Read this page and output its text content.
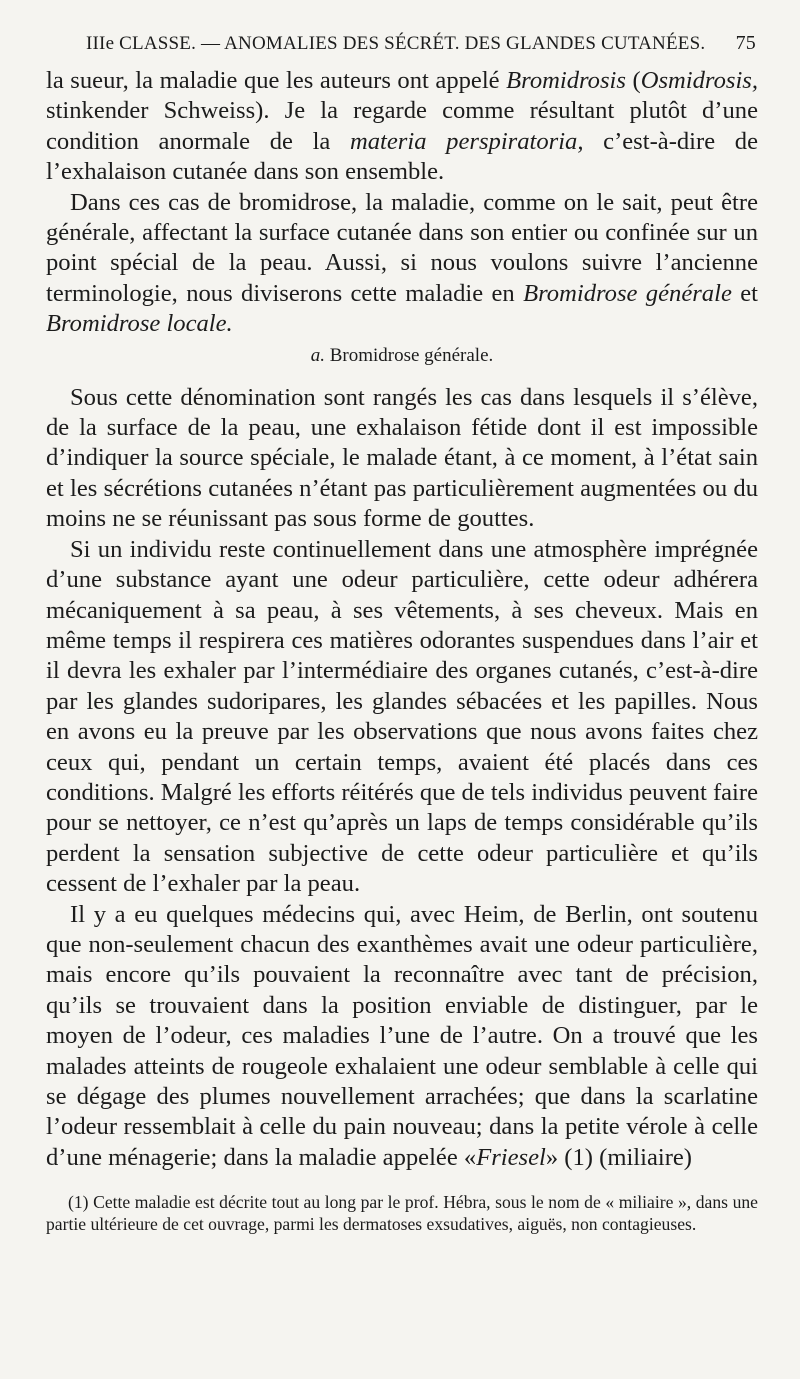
IIIe CLASSE. — ANOMALIES DES SÉCRÉT. DES GLANDES CUTANÉES. 75

la sueur, la maladie que les auteurs ont appelé Bromidrosis (Osmidrosis, stinkender Schweiss). Je la regarde comme résultant plutôt d’une condition anormale de la materia perspiratoria, c’est-à-dire de l’exhalaison cutanée dans son ensemble.

Dans ces cas de bromidrose, la maladie, comme on le sait, peut être générale, affectant la surface cutanée dans son entier ou confinée sur un point spécial de la peau. Aussi, si nous voulons suivre l’ancienne terminologie, nous diviserons cette maladie en Bromidrose générale et Bromidrose locale.

a. Bromidrose générale.

Sous cette dénomination sont rangés les cas dans lesquels il s’élève, de la surface de la peau, une exhalaison fétide dont il est impossible d’indiquer la source spéciale, le malade étant, à ce moment, à l’état sain et les sécrétions cutanées n’étant pas particulièrement augmentées ou du moins ne se réunissant pas sous forme de gouttes.

Si un individu reste continuellement dans une atmosphère imprégnée d’une substance ayant une odeur particulière, cette odeur adhérera mécaniquement à sa peau, à ses vêtements, à ses cheveux. Mais en même temps il respirera ces matières odorantes suspendues dans l’air et il devra les exhaler par l’intermédiaire des organes cutanés, c’est-à-dire par les glandes sudoripares, les glandes sébacées et les papilles. Nous en avons eu la preuve par les observations que nous avons faites chez ceux qui, pendant un certain temps, avaient été placés dans ces conditions. Malgré les efforts réitérés que de tels individus peuvent faire pour se nettoyer, ce n’est qu’après un laps de temps considérable qu’ils perdent la sensation subjective de cette odeur particulière et qu’ils cessent de l’exhaler par la peau.

Il y a eu quelques médecins qui, avec Heim, de Berlin, ont soutenu que non-seulement chacun des exanthèmes avait une odeur particulière, mais encore qu’ils pouvaient la reconnaître avec tant de précision, qu’ils se trouvaient dans la position enviable de distinguer, par le moyen de l’odeur, ces maladies l’une de l’autre. On a trouvé que les malades atteints de rougeole exhalaient une odeur semblable à celle qui se dégage des plumes nouvellement arrachées; que dans la scarlatine l’odeur ressemblait à celle du pain nouveau; dans la petite vérole à celle d’une ménagerie; dans la maladie appelée «Friesel» (1) (miliaire)

(1) Cette maladie est décrite tout au long par le prof. Hébra, sous le nom de « miliaire », dans une partie ultérieure de cet ouvrage, parmi les dermatoses exsudatives, aiguës, non contagieuses.
